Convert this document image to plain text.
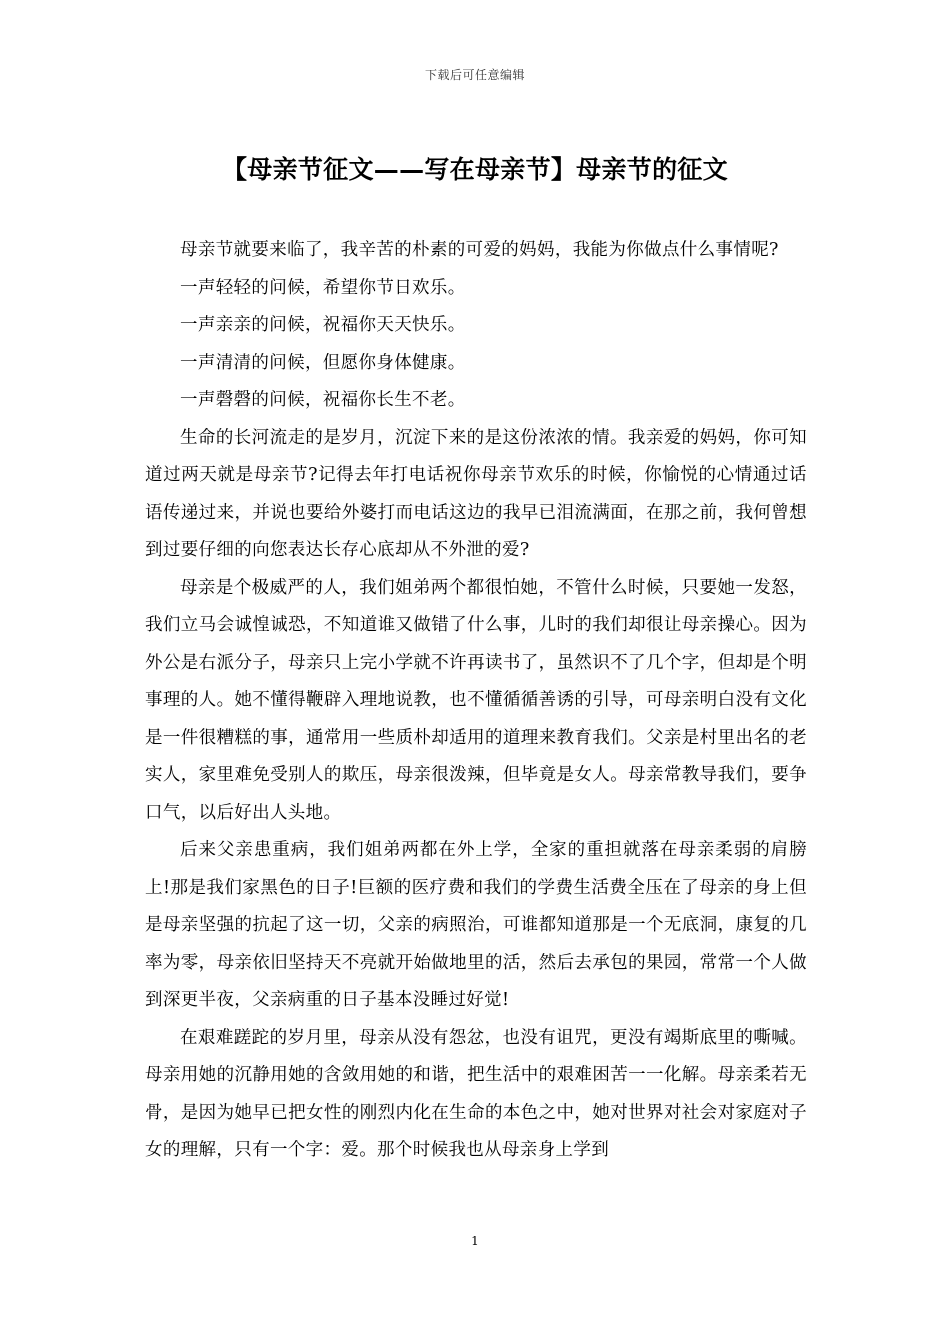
下载后可任意编辑
【母亲节征文——写在母亲节】母亲节的征文

母亲节就要来临了，我辛苦的朴素的可爱的妈妈，我能为你做点什么事情呢?

一声轻轻的问候，希望你节日欢乐。

一声亲亲的问候，祝福你天天快乐。

一声清清的问候，但愿你身体健康。

一声磬磬的问候，祝福你长生不老。

生命的长河流走的是岁月，沉淀下来的是这份浓浓的情。我亲爱的妈妈，你可知道过两天就是母亲节?记得去年打电话祝你母亲节欢乐的时候，你愉悦的心情通过话语传递过来，并说也要给外婆打而电话这边的我早已泪流满面，在那之前，我何曾想到过要仔细的向您表达长存心底却从不外泄的爱?

母亲是个极威严的人，我们姐弟两个都很怕她，不管什么时候，只要她一发怒，我们立马会诚惶诚恐，不知道谁又做错了什么事，儿时的我们却很让母亲操心。因为外公是右派分子，母亲只上完小学就不许再读书了，虽然识不了几个字，但却是个明事理的人。她不懂得鞭辟入理地说教，也不懂循循善诱的引导，可母亲明白没有文化是一件很糟糕的事，通常用一些质朴却适用的道理来教育我们。父亲是村里出名的老实人，家里难免受别人的欺压，母亲很泼辣，但毕竟是女人。母亲常教导我们，要争口气，以后好出人头地。

后来父亲患重病，我们姐弟两都在外上学，全家的重担就落在母亲柔弱的肩膀上!那是我们家黑色的日子!巨额的医疗费和我们的学费生活费全压在了母亲的身上但是母亲坚强的抗起了这一切，父亲的病照治，可谁都知道那是一个无底洞，康复的几率为零，母亲依旧坚持天不亮就开始做地里的活，然后去承包的果园，常常一个人做到深更半夜，父亲病重的日子基本没睡过好觉!

在艰难蹉跎的岁月里，母亲从没有怨忿，也没有诅咒，更没有竭斯底里的嘶喊。母亲用她的沉静用她的含敛用她的和谐，把生活中的艰难困苦一一化解。母亲柔若无骨，是因为她早已把女性的刚烈内化在生命的本色之中，她对世界对社会对家庭对子女的理解，只有一个字：爱。那个时候我也从母亲身上学到

1
